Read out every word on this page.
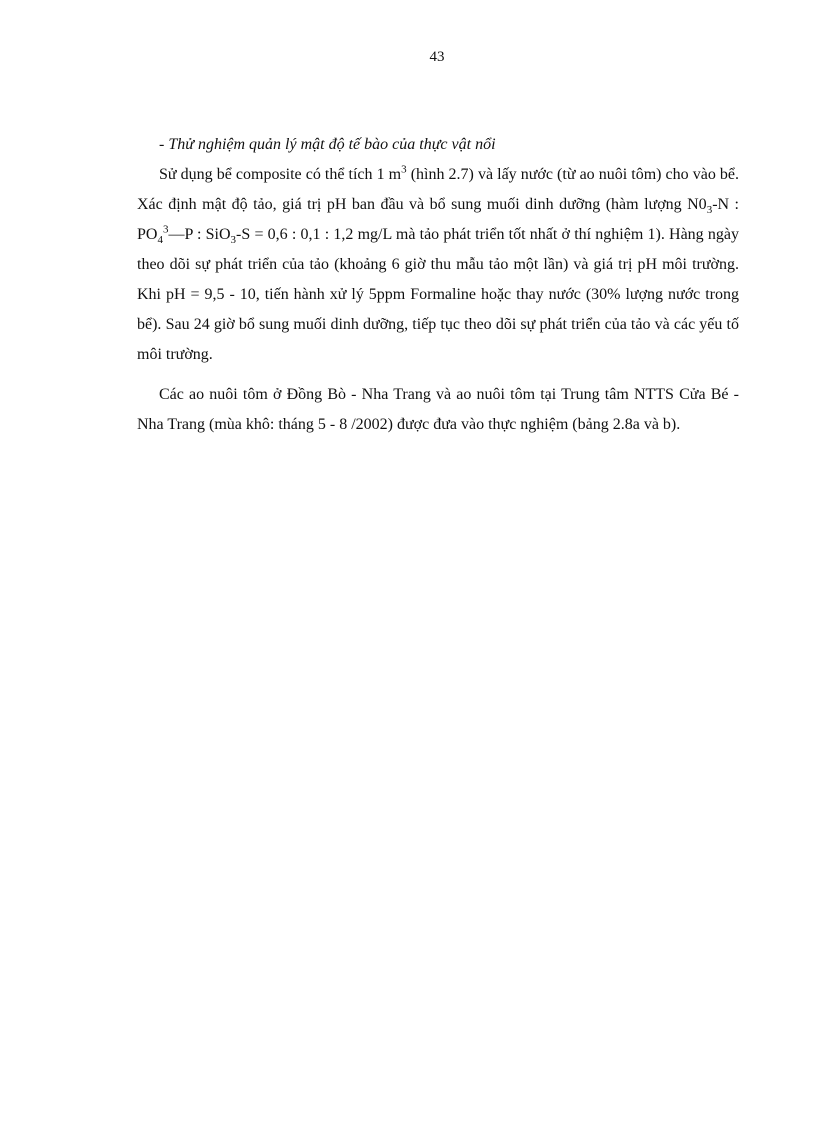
43

- Thử nghiệm quản lý mật độ tế bào của thực vật nổi

Sử dụng bể composite có thể tích 1 $m^3$ (hình 2.7) và lấy nước (từ ao nuôi tôm) cho vào bể. Xác định mật độ tảo, giá trị pH ban đầu và bổ sung muối dinh dưỡng (hàm lượng $N0_3-N$ : $PO_4^3—P$ : SiO$_3$-S = 0,6 : 0,1 : 1,2 mg/L mà tảo phát triển tốt nhất ở thí nghiệm 1). Hàng ngày theo dõi sự phát triển của tảo (khoảng 6 giờ thu mẫu tảo một lần) và giá trị pH môi trường. Khi pH = 9,5 - 10, tiến hành xử lý 5ppm Formaline hoặc thay nước (30% lượng nước trong bể). Sau 24 giờ bổ sung muối dinh dưỡng, tiếp tục theo dõi sự phát triển của tảo và các yếu tố môi trường.

Các ao nuôi tôm ở Đồng Bò - Nha Trang và ao nuôi tôm tại Trung tâm NTTS Cửa Bé - Nha Trang (mùa khô: tháng 5 - 8 /2002) được đưa vào thực nghiệm (bảng 2.8a và b).
